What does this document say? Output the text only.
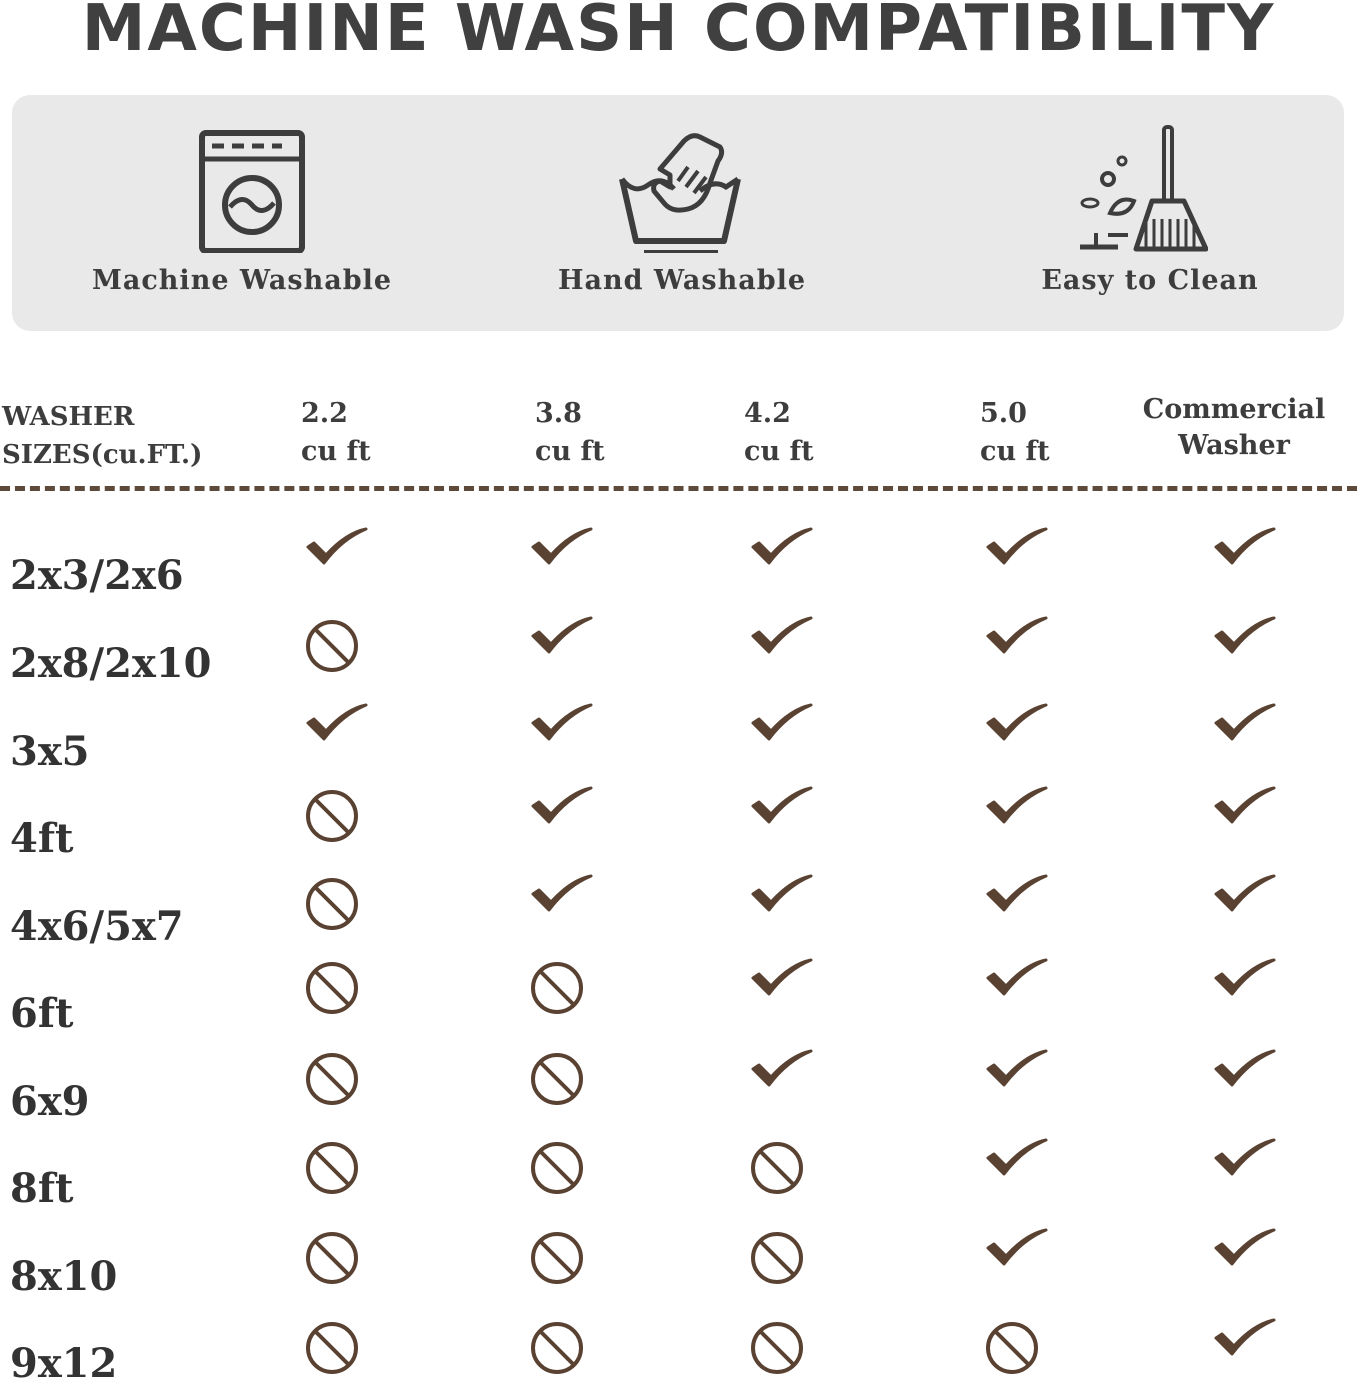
MACHINE WASH COMPATIBILITY
Machine Washable	Hand Washable	Easy to Clean
WASHER
SIZES(cu.FT.)
2.2
cu ft
3.8
cu ft
4.2
cu ft
5.0
cu ft
Commercial Washer
2x3/2x6
2x8/2x10
3x5
4ft
4x6/5x7
6ft
6x9
8ft
8x10
9x12
